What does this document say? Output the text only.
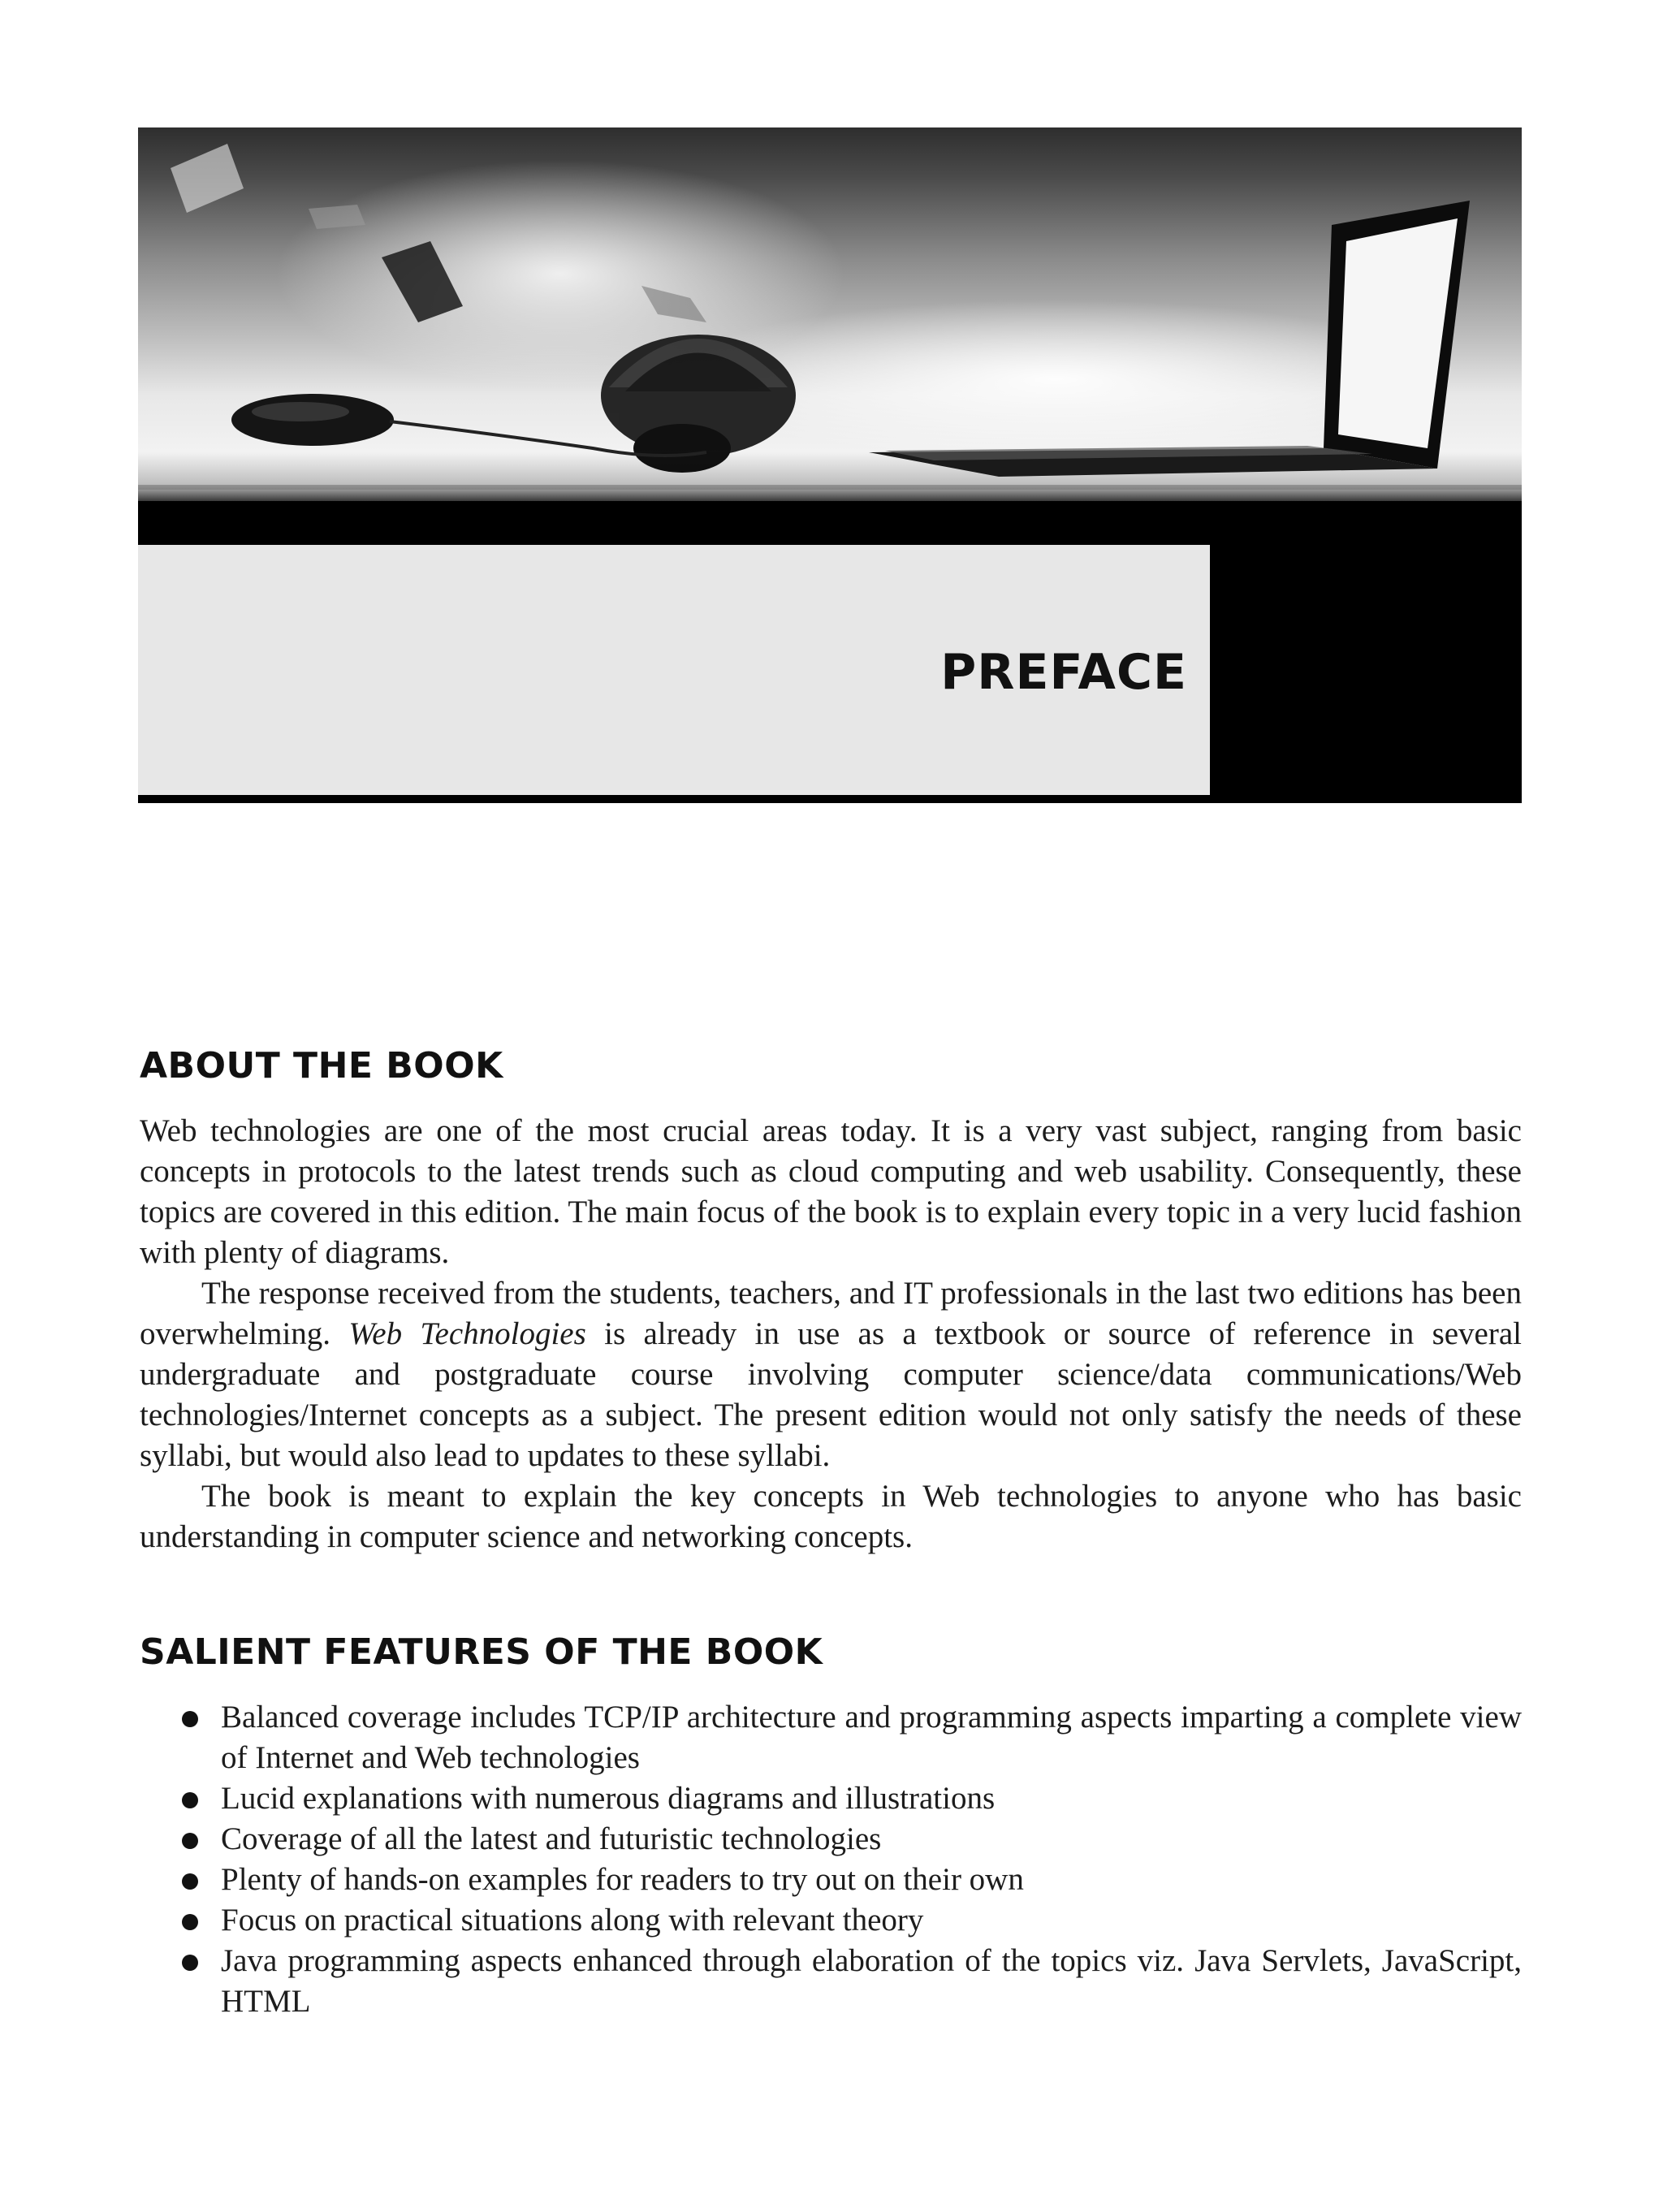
PREFACE
ABOUT THE BOOK

Web technologies are one of the most crucial areas today. It is a very vast subject, ranging from basic concepts in protocols to the latest trends such as cloud computing and web usability. Consequently, these topics are covered in this edition. The main focus of the book is to explain every topic in a very lucid fashion with plenty of diagrams.

The response received from the students, teachers, and IT professionals in the last two editions has been overwhelming. Web Technologies is already in use as a textbook or source of reference in several undergraduate and postgraduate course involving computer science/data communications/Web technologies/Internet concepts as a subject. The present edition would not only satisfy the needs of these syllabi, but would also lead to updates to these syllabi.

The book is meant to explain the key concepts in Web technologies to anyone who has basic understanding in computer science and networking concepts.

SALIENT FEATURES OF THE BOOK
Balanced coverage includes TCP/IP architecture and programming aspects imparting a complete view of Internet and Web technologies
Lucid explanations with numerous diagrams and illustrations
Coverage of all the latest and futuristic technologies
Plenty of hands-on examples for readers to try out on their own
Focus on practical situations along with relevant theory
Java programming aspects enhanced through elaboration of the topics viz. Java Servlets, JavaScript, HTML
